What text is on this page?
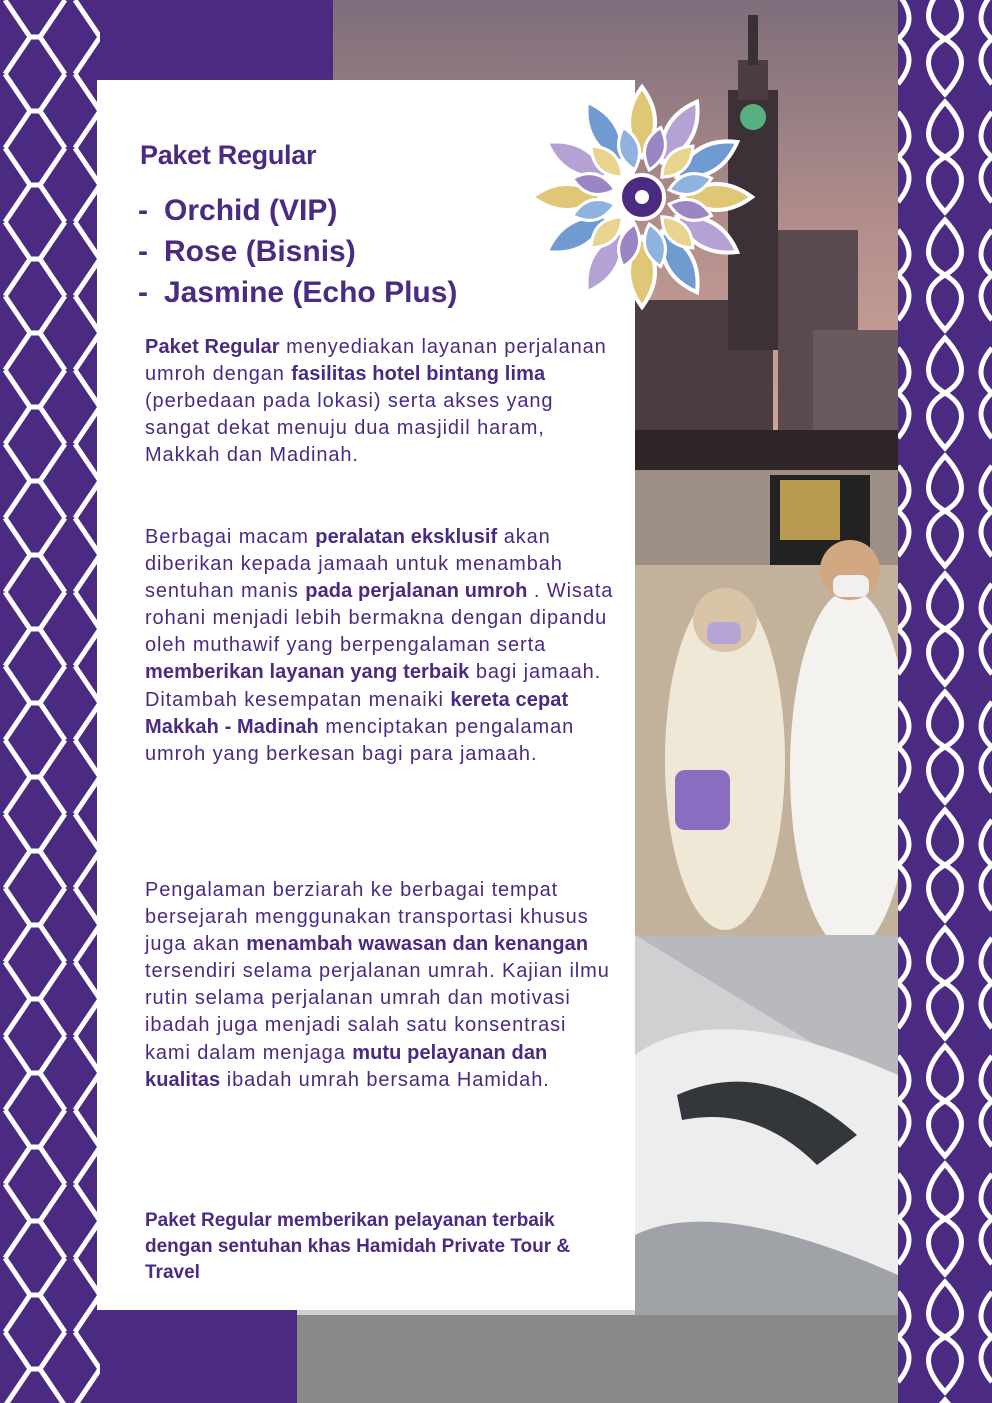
Paket Regular
- Orchid (VIP)
- Rose (Bisnis)
- Jasmine (Echo Plus)

Paket Regular menyediakan layanan perjalanan umroh dengan fasilitas hotel bintang lima (perbedaan pada lokasi) serta akses yang sangat dekat menuju dua masjidil haram, Makkah dan Madinah.

Berbagai macam peralatan eksklusif akan diberikan kepada jamaah untuk menambah sentuhan manis pada perjalanan umroh . Wisata rohani menjadi lebih bermakna dengan dipandu oleh muthawif yang berpengalaman serta memberikan layanan yang terbaik bagi jamaah. Ditambah kesempatan menaiki kereta cepat Makkah - Madinah menciptakan pengalaman umroh yang berkesan bagi para jamaah.

Pengalaman berziarah ke berbagai tempat bersejarah menggunakan transportasi khusus juga akan menambah wawasan dan kenangan tersendiri selama perjalanan umrah. Kajian ilmu rutin selama perjalanan umrah dan motivasi ibadah juga menjadi salah satu konsentrasi kami dalam menjaga mutu pelayanan dan kualitas ibadah umrah bersama Hamidah.

Paket Regular memberikan pelayanan terbaik dengan sentuhan khas Hamidah Private Tour & Travel
